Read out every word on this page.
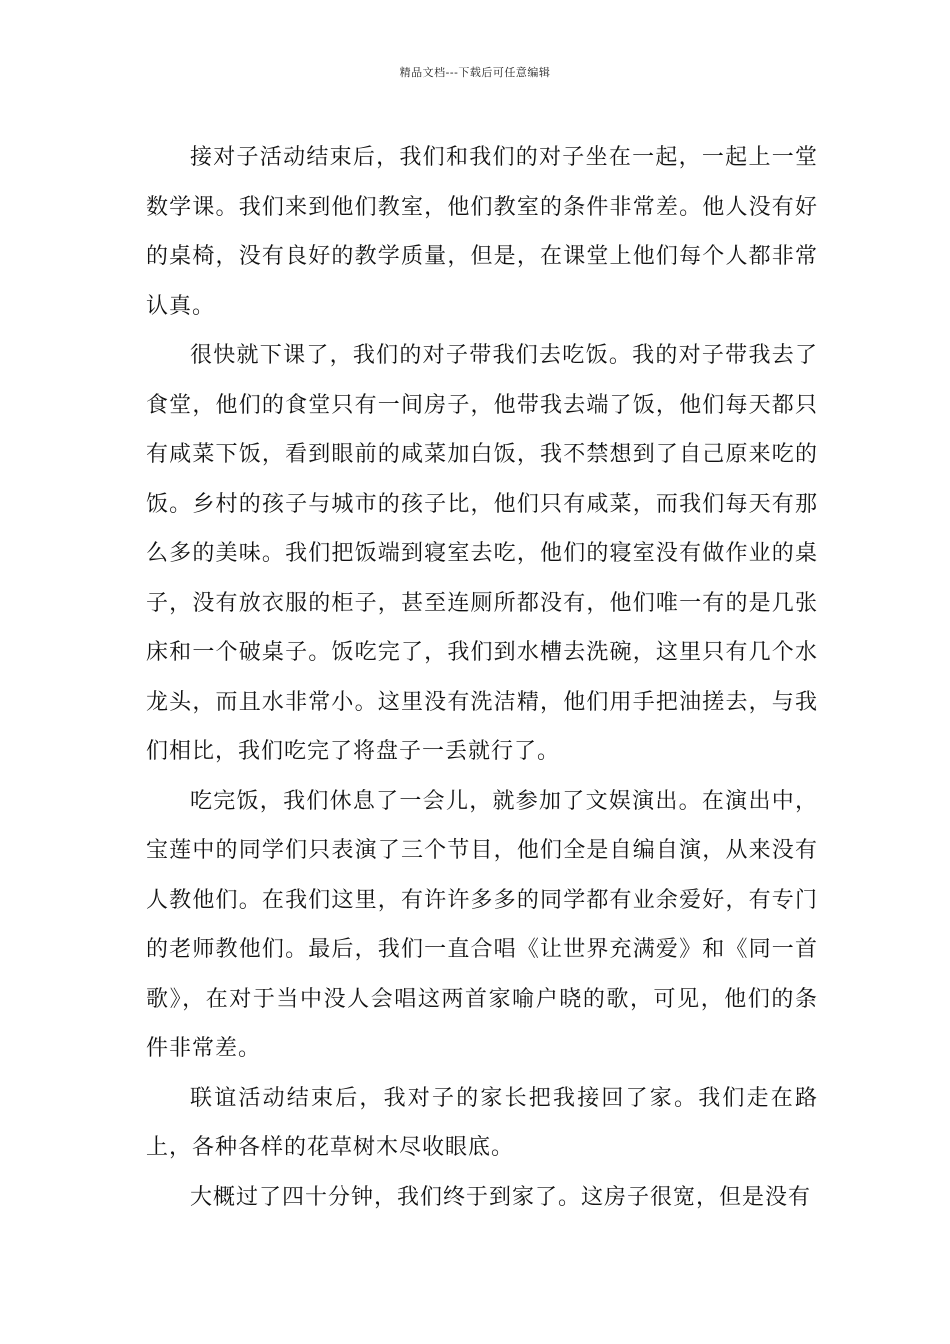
精品文档---下载后可任意编辑

接对子活动结束后，我们和我们的对子坐在一起，一起上一堂数学课。我们来到他们教室，他们教室的条件非常差。他人没有好的桌椅，没有良好的教学质量，但是，在课堂上他们每个人都非常认真。

很快就下课了，我们的对子带我们去吃饭。我的对子带我去了食堂，他们的食堂只有一间房子，他带我去端了饭，他们每天都只有咸菜下饭，看到眼前的咸菜加白饭，我不禁想到了自己原来吃的饭。乡村的孩子与城市的孩子比，他们只有咸菜，而我们每天有那么多的美味。我们把饭端到寝室去吃，他们的寝室没有做作业的桌子，没有放衣服的柜子，甚至连厕所都没有，他们唯一有的是几张床和一个破桌子。饭吃完了，我们到水槽去洗碗，这里只有几个水龙头，而且水非常小。这里没有洗洁精，他们用手把油搓去，与我们相比，我们吃完了将盘子一丢就行了。

吃完饭，我们休息了一会儿，就参加了文娱演出。在演出中，宝莲中的同学们只表演了三个节目，他们全是自编自演，从来没有人教他们。在我们这里，有许许多多的同学都有业余爱好，有专门的老师教他们。最后，我们一直合唱《让世界充满爱》和《同一首歌》，在对于当中没人会唱这两首家喻户晓的歌，可见，他们的条件非常差。

联谊活动结束后，我对子的家长把我接回了家。我们走在路上，各种各样的花草树木尽收眼底。

大概过了四十分钟，我们终于到家了。这房子很宽，但是没有
